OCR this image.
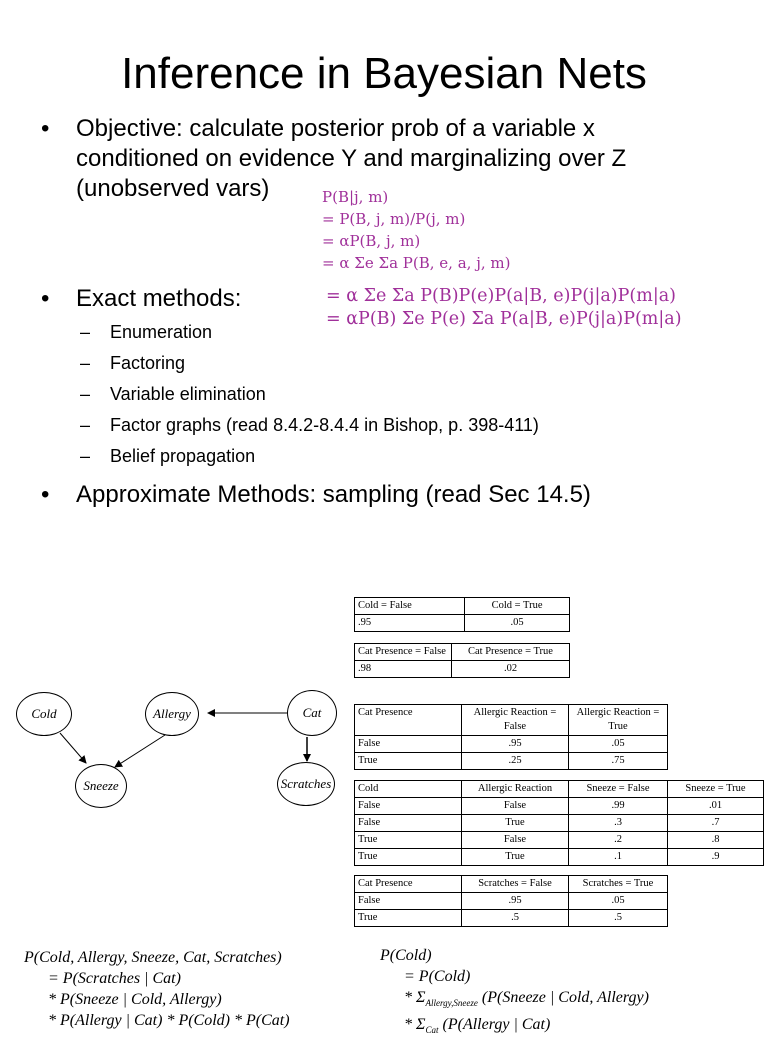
Inference in Bayesian Nets
• Objective: calculate posterior prob of a variable x
conditioned on evidence Y and marginalizing over Z
(unobserved vars)
• Exact methods:
– Enumeration
– Factoring
– Variable elimination
– Factor graphs (read 8.4.2-8.4.4 in Bishop, p. 398-411)
– Belief propagation
• Approximate Methods: sampling (read Sec 14.5)
P(B|j, m)
= P(B, j, m)/P(j, m)
= αP(B, j, m)
= α Σe Σa P(B, e, a, j, m)
= α Σe Σa P(B)P(e)P(a|B, e)P(j|a)P(m|a)
= αP(B) Σe P(e) Σa P(a|B, e)P(j|a)P(m|a)
Cold = False	Cold = True
.95	.05
Cat Presence = False	Cat Presence = True
.98	.02
Cat Presence	Allergic Reaction = False	Allergic Reaction = True
False	.95	.05
True	.25	.75
Cold	Allergic Reaction	Sneeze = False	Sneeze = True
False	False	.99	.01
False	True	.3	.7
True	False	.2	.8
True	True	.1	.9
Cat Presence	Scratches = False	Scratches = True
False	.95	.05
True	.5	.5
Cold	Allergy	Cat
Sneeze	Scratches
P(Cold, Allergy, Sneeze, Cat, Scratches)
= P(Scratches | Cat)
* P(Sneeze | Cold, Allergy)
* P(Allergy | Cat) * P(Cold) * P(Cat)
P(Cold)
= P(Cold)
* $\Sigma_{Allergy,Sneeze}$ (P(Sneeze | Cold, Allergy)
* $\Sigma_{Cat}$ (P(Allergy | Cat)
